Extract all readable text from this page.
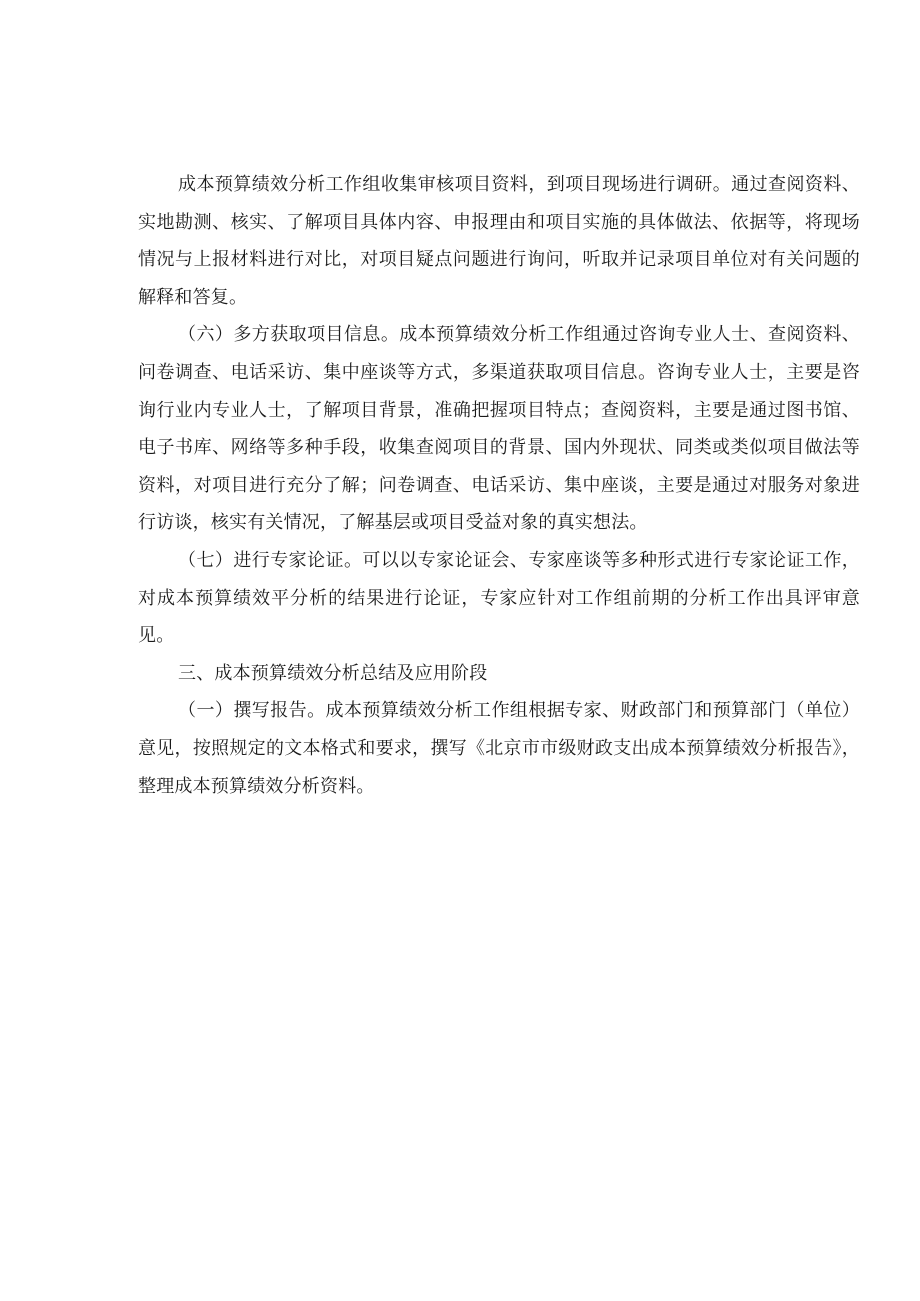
成本预算绩效分析工作组收集审核项目资料，到项目现场进行调研。通过查阅资料、实地勘测、核实、了解项目具体内容、申报理由和项目实施的具体做法、依据等，将现场情况与上报材料进行对比，对项目疑点问题进行询问，听取并记录项目单位对有关问题的解释和答复。

（六）多方获取项目信息。成本预算绩效分析工作组通过咨询专业人士、查阅资料、问卷调查、电话采访、集中座谈等方式，多渠道获取项目信息。咨询专业人士，主要是咨询行业内专业人士，了解项目背景，准确把握项目特点；查阅资料，主要是通过图书馆、电子书库、网络等多种手段，收集查阅项目的背景、国内外现状、同类或类似项目做法等资料，对项目进行充分了解；问卷调查、电话采访、集中座谈，主要是通过对服务对象进行访谈，核实有关情况，了解基层或项目受益对象的真实想法。

（七）进行专家论证。可以以专家论证会、专家座谈等多种形式进行专家论证工作，对成本预算绩效平分析的结果进行论证，专家应针对工作组前期的分析工作出具评审意见。

三、成本预算绩效分析总结及应用阶段

（一）撰写报告。成本预算绩效分析工作组根据专家、财政部门和预算部门（单位）意见，按照规定的文本格式和要求，撰写《北京市市级财政支出成本预算绩效分析报告》，整理成本预算绩效分析资料。
